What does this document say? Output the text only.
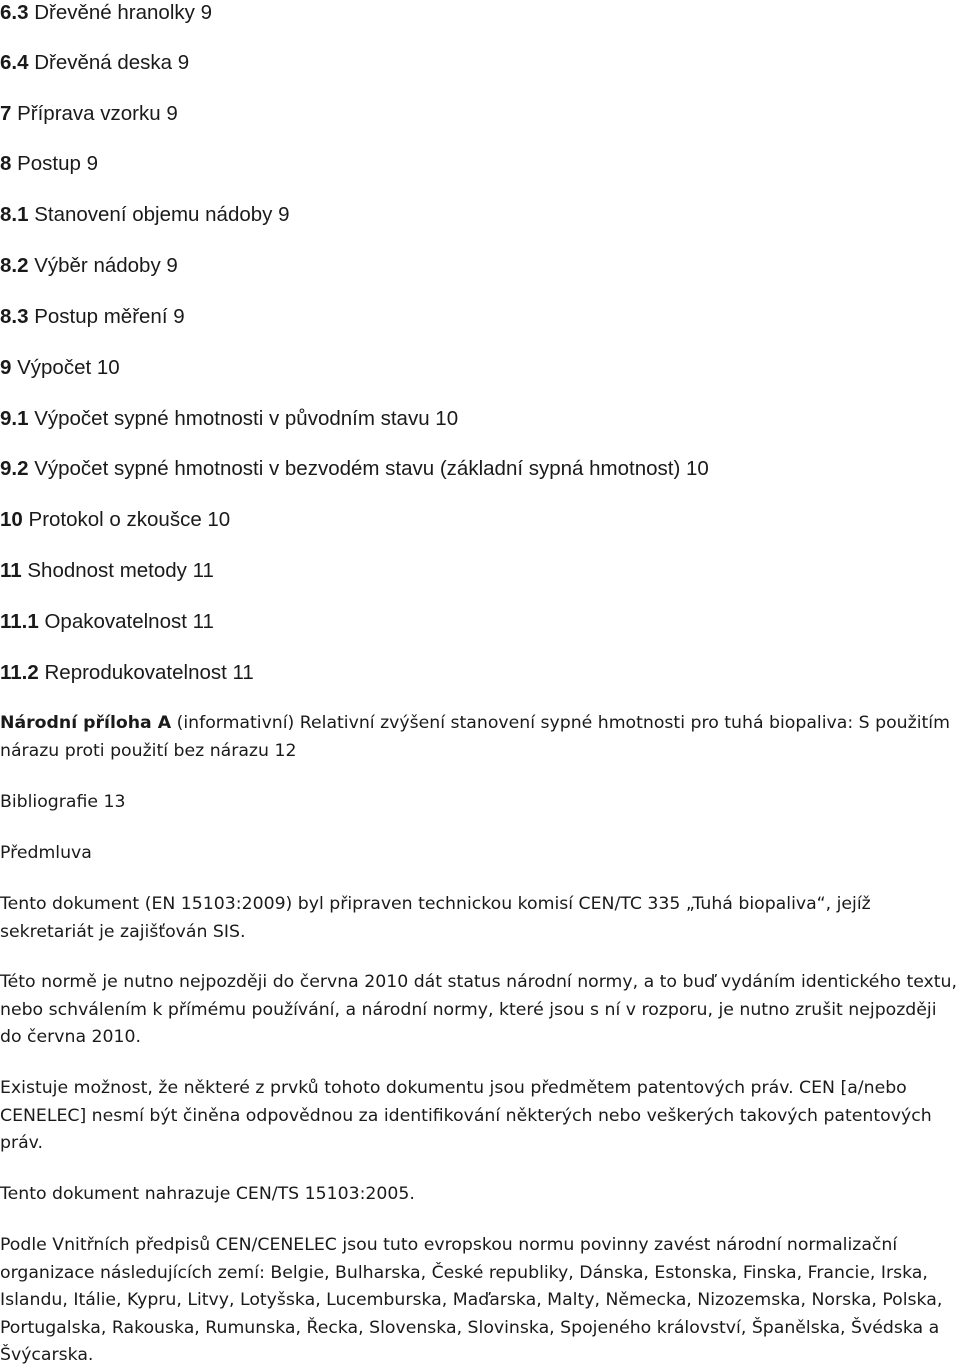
6.3 Dřevěné hranolky 9
6.4 Dřevěná deska 9
7 Příprava vzorku 9
8 Postup 9
8.1 Stanovení objemu nádoby 9
8.2 Výběr nádoby 9
8.3 Postup měření 9
9 Výpočet 10
9.1 Výpočet sypné hmotnosti v původním stavu 10
9.2 Výpočet sypné hmotnosti v bezvodém stavu (základní sypná hmotnost) 10
10 Protokol o zkoušce 10
11 Shodnost metody 11
11.1 Opakovatelnost 11
11.2 Reprodukovatelnost 11

Národní příloha A (informativní) Relativní zvýšení stanovení sypné hmotnosti pro tuhá biopaliva: S použitím nárazu proti použití bez nárazu 12

Bibliografie 13
Předmluva

Tento dokument (EN 15103:2009) byl připraven technickou komisí CEN/TC 335 „Tuhá biopaliva“, jejíž sekretariát je zajišťován SIS.

Této normě je nutno nejpozději do června 2010 dát status národní normy, a to buď vydáním identického textu, nebo schválením k přímému používání, a národní normy, které jsou s ní v rozporu, je nutno zrušit nejpozději do června 2010.

Existuje možnost, že některé z prvků tohoto dokumentu jsou předmětem patentových práv. CEN [a/nebo CENELEC] nesmí být činěna odpovědnou za identifikování některých nebo veškerých takových patentových práv.

Tento dokument nahrazuje CEN/TS 15103:2005.

Podle Vnitřních předpisů CEN/CENELEC jsou tuto evropskou normu povinny zavést národní normalizační organizace následujících zemí: Belgie, Bulharska, České republiky, Dánska, Estonska, Finska, Francie, Irska, Islandu, Itálie, Kypru, Litvy, Lotyšska, Lucemburska, Maďarska, Malty, Německa, Nizozemska, Norska, Polska, Portugalska, Rakouska, Rumunska, Řecka, Slovenska, Slovinska, Spojeného království, Španělska, Švédska a Švýcarska.
